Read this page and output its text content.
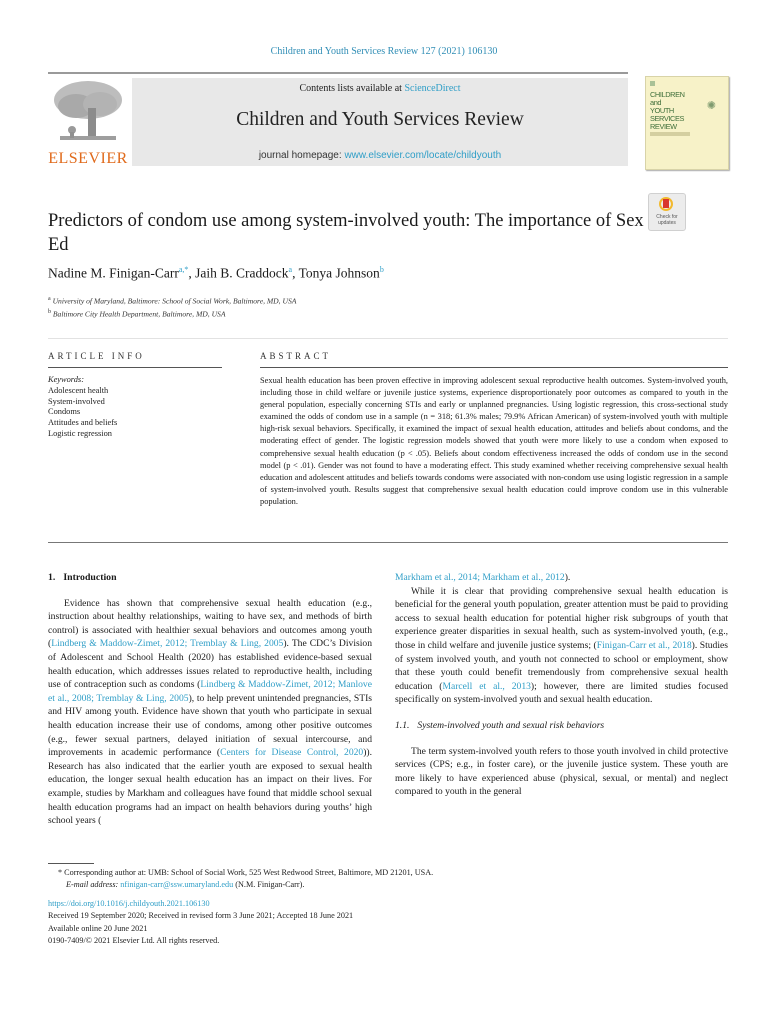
Children and Youth Services Review 127 (2021) 106130
ELSEVIER
Contents lists available at ScienceDirect
Children and Youth Services Review
journal homepage: www.elsevier.com/locate/childyouth
CHILDREN
and
YOUTH
SERVICES
REVIEW
✺
Check for
updates
Predictors of condom use among system-involved youth: The importance of Sex Ed
Nadine M. Finigan-Carr$^{a,*}$, Jaih B. Craddock$^a$, Tonya Johnson$^b$
$^a$ University of Maryland, Baltimore: School of Social Work, Baltimore, MD, USA
$^b$ Baltimore City Health Department, Baltimore, MD, USA
ARTICLE INFO	ABSTRACT
Keywords:
Adolescent health
System-involved
Condoms
Attitudes and beliefs
Logistic regression
Sexual health education has been proven effective in improving adolescent sexual reproductive health outcomes. System-involved youth, including those in child welfare or juvenile justice systems, experience disproportionately poor outcomes as compared to youth in the general population, especially concerning STIs and early or unplanned pregnancies. Using logistic regression, this cross-sectional study examined the odds of condom use in a sample (n = 318; 61.3% males; 79.9% African American) of system-involved youth with multiple high-risk sexual behaviors. Specifically, it examined the impact of sexual health education, attitudes and beliefs about condoms, and the moderating effect of gender. The logistic regression models showed that youth were more likely to use a condom when exposed to comprehensive sexual health education (p < .05). Beliefs about condom effectiveness increased the odds of condom use in the second model (p < .01). Gender was not found to have a moderating effect. This study examined whether receiving comprehensive sexual health education and adolescent attitudes and beliefs towards condoms were associated with non-condom use using logistic regression in a sample of system-involved youth. Results suggest that comprehensive sexual health education could improve condom use in this vulnerable population.
1. Introduction

Evidence has shown that comprehensive sexual health education (e.g., instruction about healthy relationships, waiting to have sex, and methods of birth control) is associated with healthier sexual behaviors and outcomes among youth (Lindberg & Maddow-Zimet, 2012; Tremblay & Ling, 2005). The CDC’s Division of Adolescent and School Health (2020) has established evidence-based sexual health education, which addresses issues related to reproductive health, including use of contraception such as condoms (Lindberg & Maddow-Zimet, 2012; Manlove et al., 2008; Tremblay & Ling, 2005), to help prevent unintended pregnancies, STIs and HIV among youth. Evidence have shown that youth who participate in sexual health education increase their use of condoms, among other positive outcomes (e.g., fewer sexual partners, delayed initiation of sexual intercourse, and improvements in academic performance (Centers for Disease Control, 2020)). Research has also indicated that the earlier youth are exposed to sexual health education, the longer sexual health education has an impact on their lives. For example, studies by Markham and colleagues have found that middle school sexual health education programs had an impact on health behaviors during youths’ high school years (

Markham et al., 2014; Markham et al., 2012).

While it is clear that providing comprehensive sexual health education is beneficial for the general youth population, greater attention must be paid to providing access to sexual health education for potential higher risk subgroups of youth that experience greater disparities in sexual health, such as system-involved youth, (e.g., those in child welfare and juvenile justice systems; (Finigan-Carr et al., 2018). Studies of system involved youth, and youth not connected to school or employment, show that these youth could benefit tremendously from comprehensive sexual health education (Marcell et al., 2013); however, there are limited studies focused specifically on system-involved youth and sexual health education.

1.1. System-involved youth and sexual risk behaviors

The term system-involved youth refers to those youth involved in child protective services (CPS; e.g., in foster care), or the juvenile justice system. These youth are more likely to have experienced abuse (physical, sexual, or mental) and neglect compared to youth in the general

* Corresponding author at: UMB: School of Social Work, 525 West Redwood Street, Baltimore, MD 21201, USA.
E-mail address: nfinigan-carr@ssw.umaryland.edu (N.M. Finigan-Carr).
https://doi.org/10.1016/j.childyouth.2021.106130
Received 19 September 2020; Received in revised form 3 June 2021; Accepted 18 June 2021
Available online 20 June 2021
0190-7409/© 2021 Elsevier Ltd. All rights reserved.
